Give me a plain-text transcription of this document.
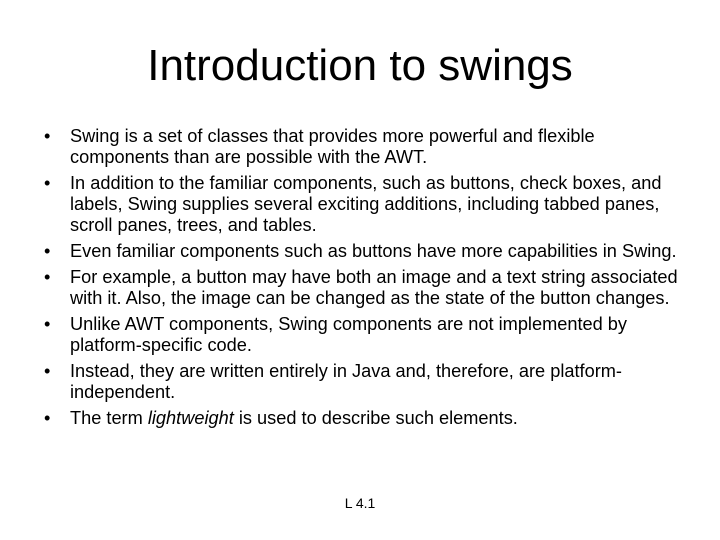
Introduction to swings
• Swing is a set of classes that provides more powerful and flexible components than are possible with the AWT.
• In addition to the familiar components, such as buttons, check boxes, and labels, Swing supplies several exciting additions, including tabbed panes, scroll panes, trees, and tables.
• Even familiar components such as buttons have more capabilities in Swing.
• For example, a button may have both an image and a text string associated with it. Also, the image can be changed as the state of the button changes.
• Unlike AWT components, Swing components are not implemented by platform-specific code.
• Instead, they are written entirely in Java and, therefore, are platform-independent.
• The term lightweight is used to describe such elements.
L 4.1
